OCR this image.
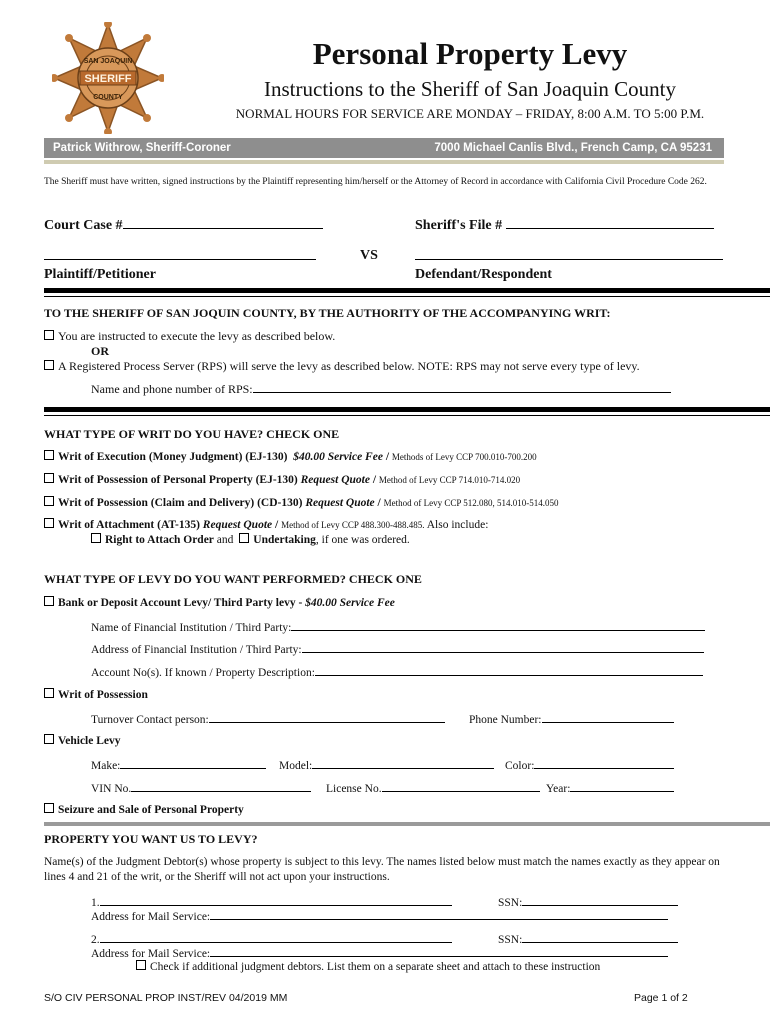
SAN JOAQUIN
SHERIFF
COUNTY
Personal Property Levy
Instructions to the Sheriff of San Joaquin County
NORMAL HOURS FOR SERVICE ARE MONDAY – FRIDAY, 8:00 A.M. TO 5:00 P.M.
Patrick Withrow, Sheriff-Coroner	7000 Michael Canlis Blvd., French Camp, CA 95231
The Sheriff must have written, signed instructions by the Plaintiff representing him/herself or the Attorney of Record in accordance with California Civil Procedure Code 262.
Court Case #	Sheriff's File #
VS
Plaintiff/Petitioner	Defendant/Respondent
TO THE SHERIFF OF SAN JOQUIN COUNTY, BY THE AUTHORITY OF THE ACCOMPANYING WRIT:
You are instructed to execute the levy as described below.
OR
A Registered Process Server (RPS) will serve the levy as described below. NOTE: RPS may not serve every type of levy.
Name and phone number of RPS:
WHAT TYPE OF WRIT DO YOU HAVE? CHECK ONE
Writ of Execution (Money Judgment) (EJ-130) $40.00 Service Fee / Methods of Levy CCP 700.010-700.200
Writ of Possession of Personal Property (EJ-130) Request Quote / Method of Levy CCP 714.010-714.020
Writ of Possession (Claim and Delivery) (CD-130) Request Quote / Method of Levy CCP 512.080, 514.010-514.050
Writ of Attachment (AT-135) Request Quote / Method of Levy CCP 488.300-488.485. Also include:
Right to Attach Order and Undertaking, if one was ordered.
WHAT TYPE OF LEVY DO YOU WANT PERFORMED? CHECK ONE
Bank or Deposit Account Levy/ Third Party levy - $40.00 Service Fee
Name of Financial Institution / Third Party:
Address of Financial Institution / Third Party:
Account No(s). If known / Property Description:
Writ of Possession
Turnover Contact person:	Phone Number:
Vehicle Levy
Make:	Model:	Color:
VIN No.	License No.	Year:
Seizure and Sale of Personal Property
PROPERTY YOU WANT US TO LEVY?
Name(s) of the Judgment Debtor(s) whose property is subject to this levy. The names listed below must match the names exactly as they appear on lines 4 and 21 of the writ, or the Sheriff will not act upon your instructions.
1.	SSN:
Address for Mail Service:
2.	SSN:
Address for Mail Service:
Check if additional judgment debtors. List them on a separate sheet and attach to these instruction
S/O CIV PERSONAL PROP INST/REV 04/2019 MM	Page 1 of 2
